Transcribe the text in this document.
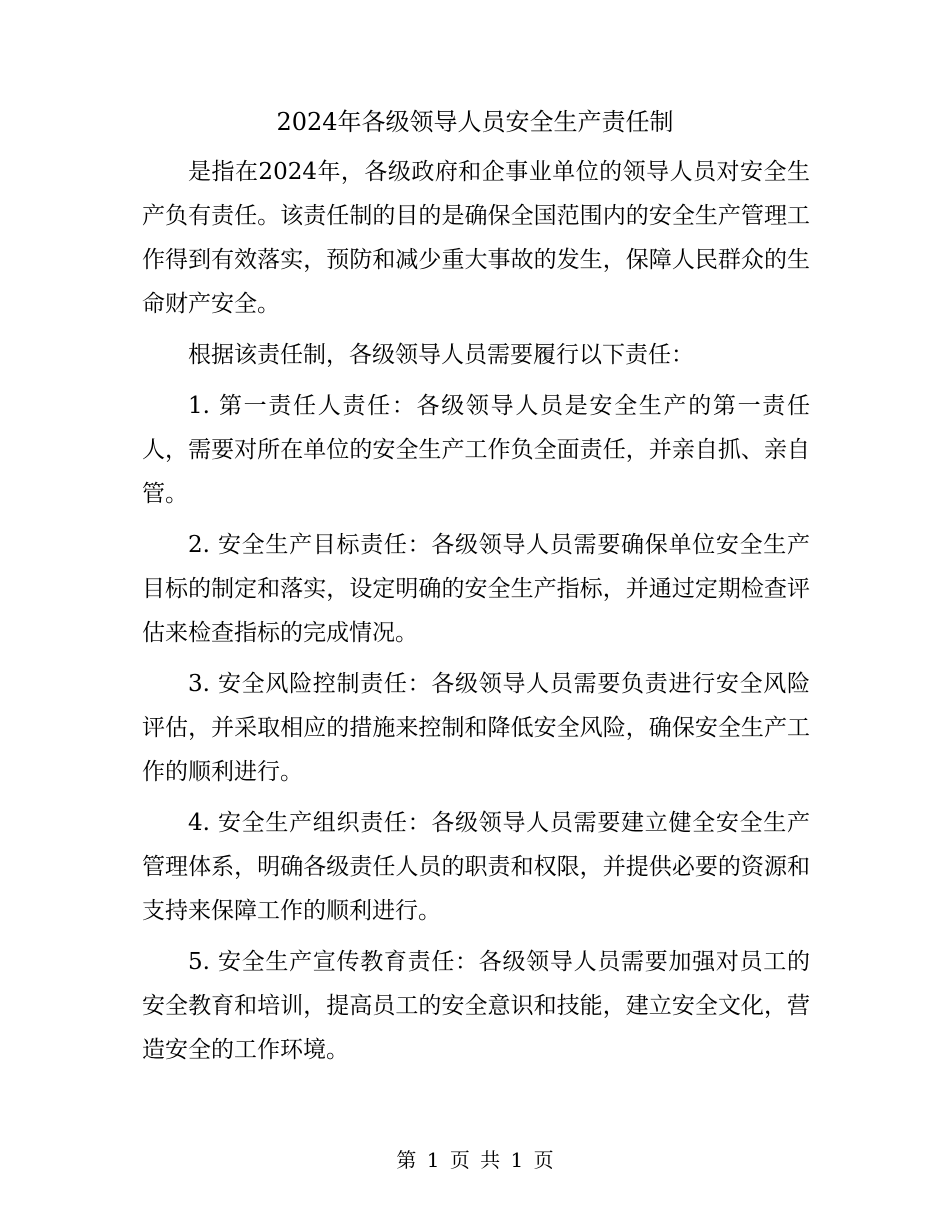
2024年各级领导人员安全生产责任制

是指在2024年，各级政府和企事业单位的领导人员对安全生产负有责任。该责任制的目的是确保全国范围内的安全生产管理工作得到有效落实，预防和减少重大事故的发生，保障人民群众的生命财产安全。

根据该责任制，各级领导人员需要履行以下责任：

1. 第一责任人责任：各级领导人员是安全生产的第一责任人，需要对所在单位的安全生产工作负全面责任，并亲自抓、亲自管。

2. 安全生产目标责任：各级领导人员需要确保单位安全生产目标的制定和落实，设定明确的安全生产指标，并通过定期检查评估来检查指标的完成情况。

3. 安全风险控制责任：各级领导人员需要负责进行安全风险评估，并采取相应的措施来控制和降低安全风险，确保安全生产工作的顺利进行。

4. 安全生产组织责任：各级领导人员需要建立健全安全生产管理体系，明确各级责任人员的职责和权限，并提供必要的资源和支持来保障工作的顺利进行。

5. 安全生产宣传教育责任：各级领导人员需要加强对员工的安全教育和培训，提高员工的安全意识和技能，建立安全文化，营造安全的工作环境。

第 1 页 共 1 页
